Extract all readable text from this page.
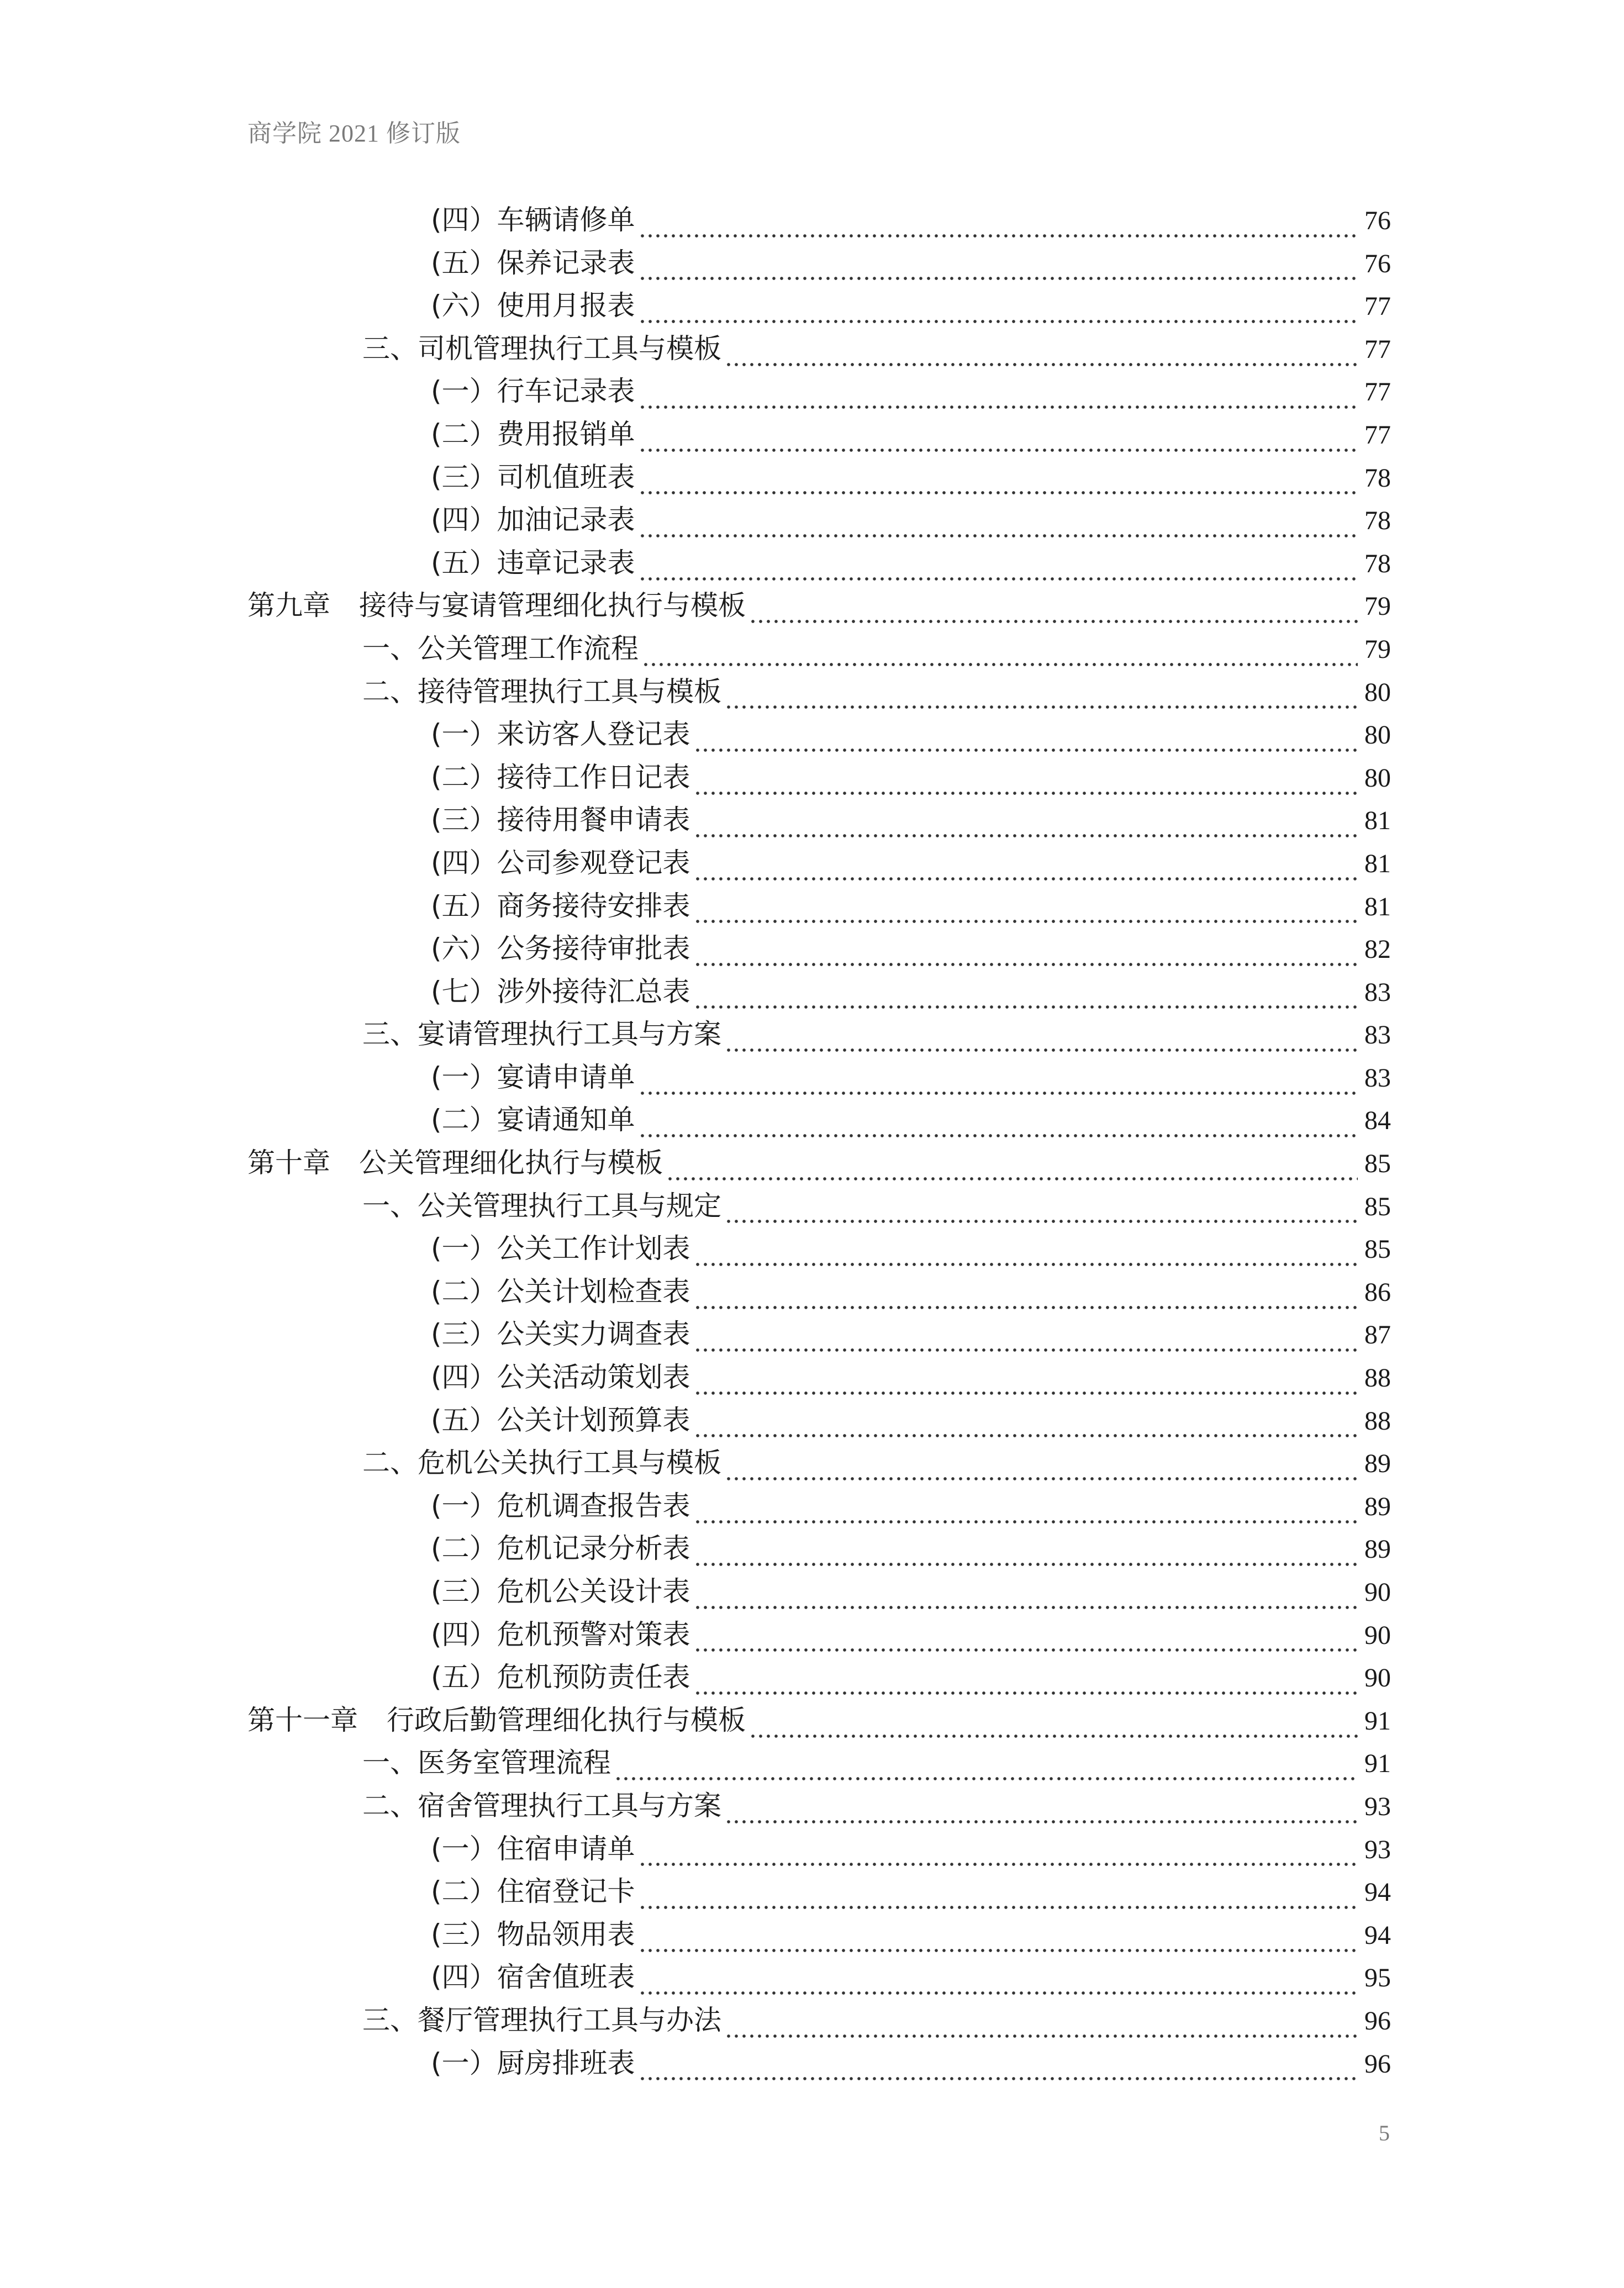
商学院 2021 修订版
(四）车辆请修单	76
(五）保养记录表	76
(六）使用月报表	77
三、司机管理执行工具与模板	77
(一）行车记录表	77
(二）费用报销单	77
(三）司机值班表	78
(四）加油记录表	78
(五）违章记录表	78
第九章 接待与宴请管理细化执行与模板	79
一、公关管理工作流程	79
二、接待管理执行工具与模板	80
(一）来访客人登记表	80
(二）接待工作日记表	80
(三）接待用餐申请表	81
(四）公司参观登记表	81
(五）商务接待安排表	81
(六）公务接待审批表	82
(七）涉外接待汇总表	83
三、宴请管理执行工具与方案	83
(一）宴请申请单	83
(二）宴请通知单	84
第十章 公关管理细化执行与模板	85
一、公关管理执行工具与规定	85
(一）公关工作计划表	85
(二）公关计划检查表	86
(三）公关实力调查表	87
(四）公关活动策划表	88
(五）公关计划预算表	88
二、危机公关执行工具与模板	89
(一）危机调查报告表	89
(二）危机记录分析表	89
(三）危机公关设计表	90
(四）危机预警对策表	90
(五）危机预防责任表	90
第十一章 行政后勤管理细化执行与模板	91
一、医务室管理流程	91
二、宿舍管理执行工具与方案	93
(一）住宿申请单	93
(二）住宿登记卡	94
(三）物品领用表	94
(四）宿舍值班表	95
三、餐厅管理执行工具与办法	96
(一）厨房排班表	96
5
